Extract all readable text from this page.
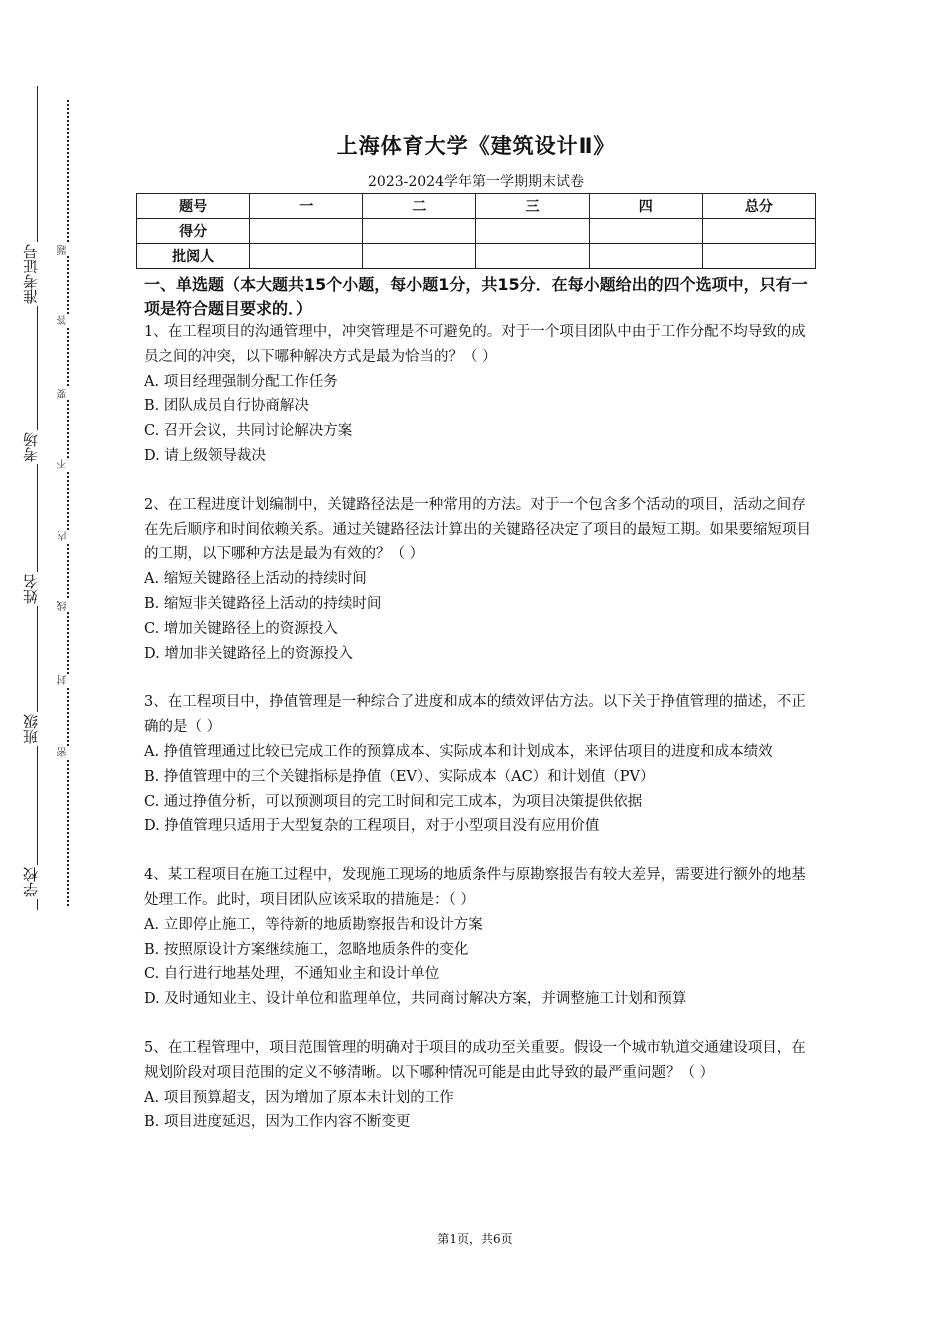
准考证号
考场
姓名
班级
学校
题
答
要
不
内
线
封
密
上海体育大学《建筑设计Ⅱ》
2023-2024学年第一学期期末试卷
题号	一	二	三	四	总分
得分					
批阅人					
一、单选题（本大题共15个小题，每小题1分，共15分．在每小题给出的四个选项中，只有一项是符合题目要求的．）

1、在工程项目的沟通管理中，冲突管理是不可避免的。对于一个项目团队中由于工作分配不均导致的成员之间的冲突，以下哪种解决方式是最为恰当的？（ ）

A. 项目经理强制分配工作任务

B. 团队成员自行协商解决

C. 召开会议，共同讨论解决方案

D. 请上级领导裁决

2、在工程进度计划编制中，关键路径法是一种常用的方法。对于一个包含多个活动的项目，活动之间存在先后顺序和时间依赖关系。通过关键路径法计算出的关键路径决定了项目的最短工期。如果要缩短项目的工期，以下哪种方法是最为有效的？（ ）

A. 缩短关键路径上活动的持续时间

B. 缩短非关键路径上活动的持续时间

C. 增加关键路径上的资源投入

D. 增加非关键路径上的资源投入

3、在工程项目中，挣值管理是一种综合了进度和成本的绩效评估方法。以下关于挣值管理的描述，不正确的是（ ）

A. 挣值管理通过比较已完成工作的预算成本、实际成本和计划成本，来评估项目的进度和成本绩效

B. 挣值管理中的三个关键指标是挣值（EV）、实际成本（AC）和计划值（PV）

C. 通过挣值分析，可以预测项目的完工时间和完工成本，为项目决策提供依据

D. 挣值管理只适用于大型复杂的工程项目，对于小型项目没有应用价值

4、某工程项目在施工过程中，发现施工现场的地质条件与原勘察报告有较大差异，需要进行额外的地基处理工作。此时，项目团队应该采取的措施是：（ ）

A. 立即停止施工，等待新的地质勘察报告和设计方案

B. 按照原设计方案继续施工，忽略地质条件的变化

C. 自行进行地基处理，不通知业主和设计单位

D. 及时通知业主、设计单位和监理单位，共同商讨解决方案，并调整施工计划和预算

5、在工程管理中，项目范围管理的明确对于项目的成功至关重要。假设一个城市轨道交通建设项目，在规划阶段对项目范围的定义不够清晰。以下哪种情况可能是由此导致的最严重问题？（ ）

A. 项目预算超支，因为增加了原本未计划的工作

B. 项目进度延迟，因为工作内容不断变更

第1页，共6页
